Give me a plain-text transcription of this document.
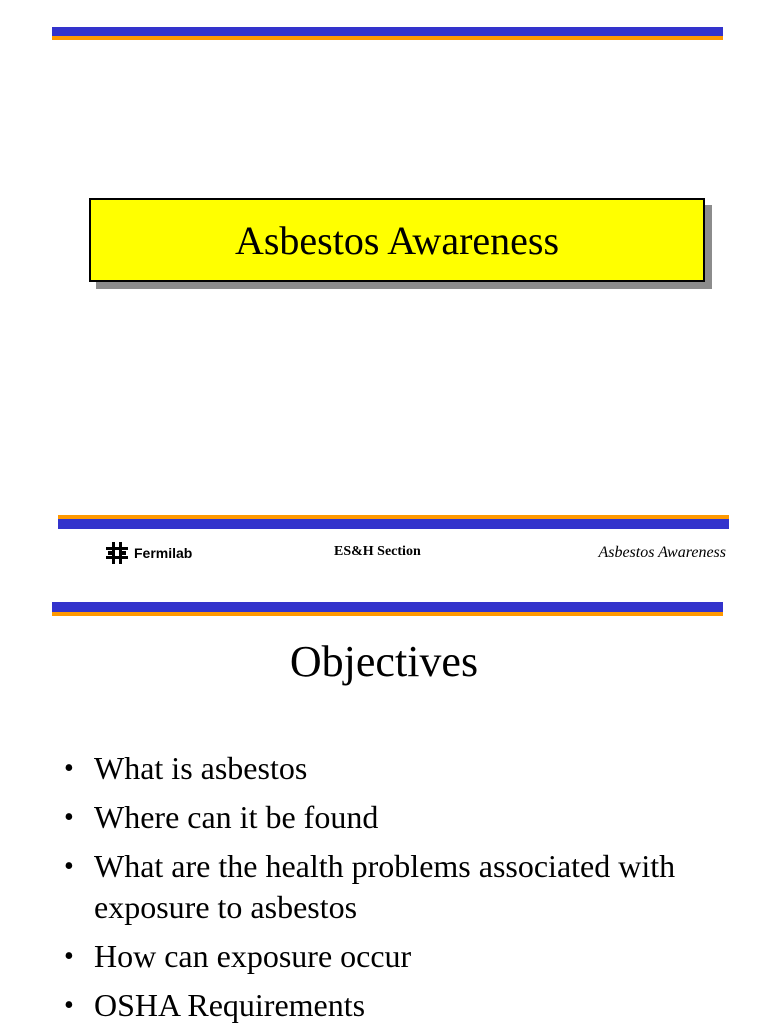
Asbestos Awareness
Fermilab	ES&H Section	Asbestos Awareness
Objectives
• What is asbestos
• Where can it be found
• What are the health problems associated with exposure to asbestos
• How can exposure occur
• OSHA Requirements
